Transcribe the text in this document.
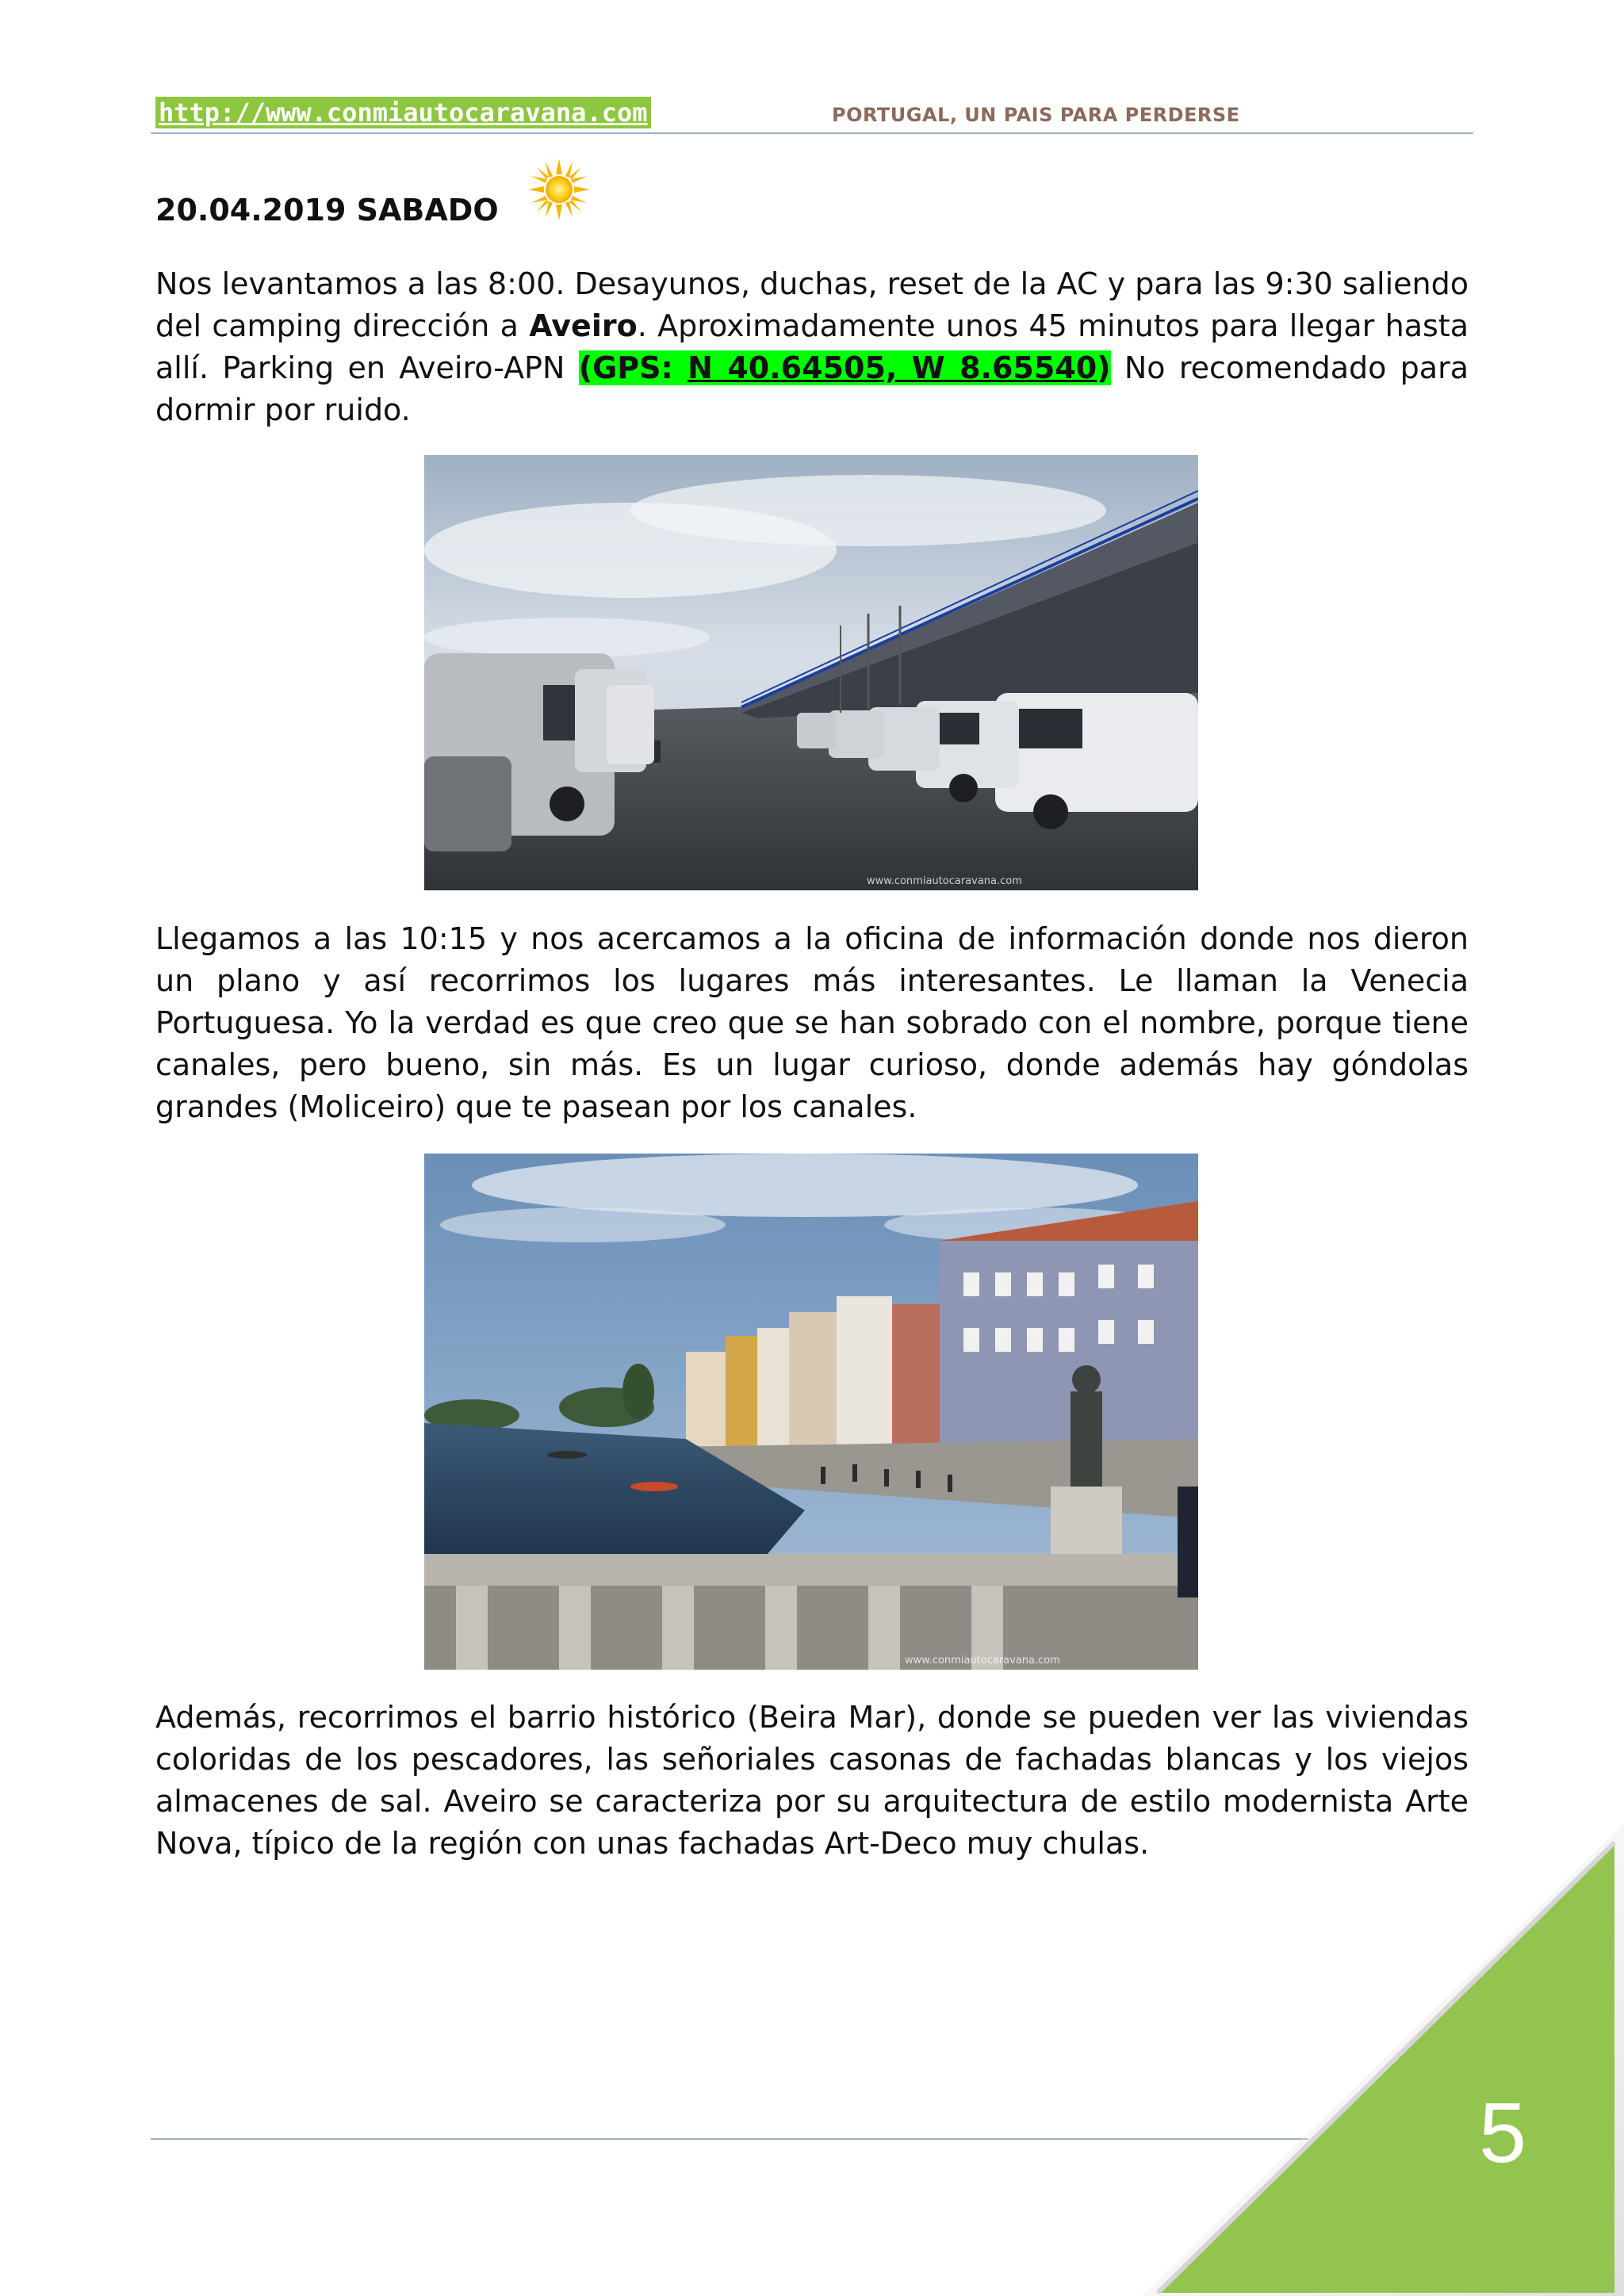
http://www.conmiautocaravana.com	PORTUGAL, UN PAIS PARA PERDERSE
20.04.2019 SABADO

Nos levantamos a las 8:00. Desayunos, duchas, reset de la AC y para las 9:30 saliendo del camping dirección a Aveiro. Aproximadamente unos 45 minutos para llegar hasta allí. Parking en Aveiro-APN (GPS: N 40.64505, W 8.65540) No recomendado para dormir por ruido.

www.conmiautocaravana.com

Llegamos a las 10:15 y nos acercamos a la oficina de información donde nos dieron un plano y así recorrimos los lugares más interesantes. Le llaman la Venecia Portuguesa. Yo la verdad es que creo que se han sobrado con el nombre, porque tiene canales, pero bueno, sin más. Es un lugar curioso, donde además hay góndolas grandes (Moliceiro) que te pasean por los canales.

www.conmiautocaravana.com

Además, recorrimos el barrio histórico (Beira Mar), donde se pueden ver las viviendas coloridas de los pescadores, las señoriales casonas de fachadas blancas y los viejos almacenes de sal. Aveiro se caracteriza por su arquitectura de estilo modernista Arte Nova, típico de la región con unas fachadas Art-Deco muy chulas.

5
